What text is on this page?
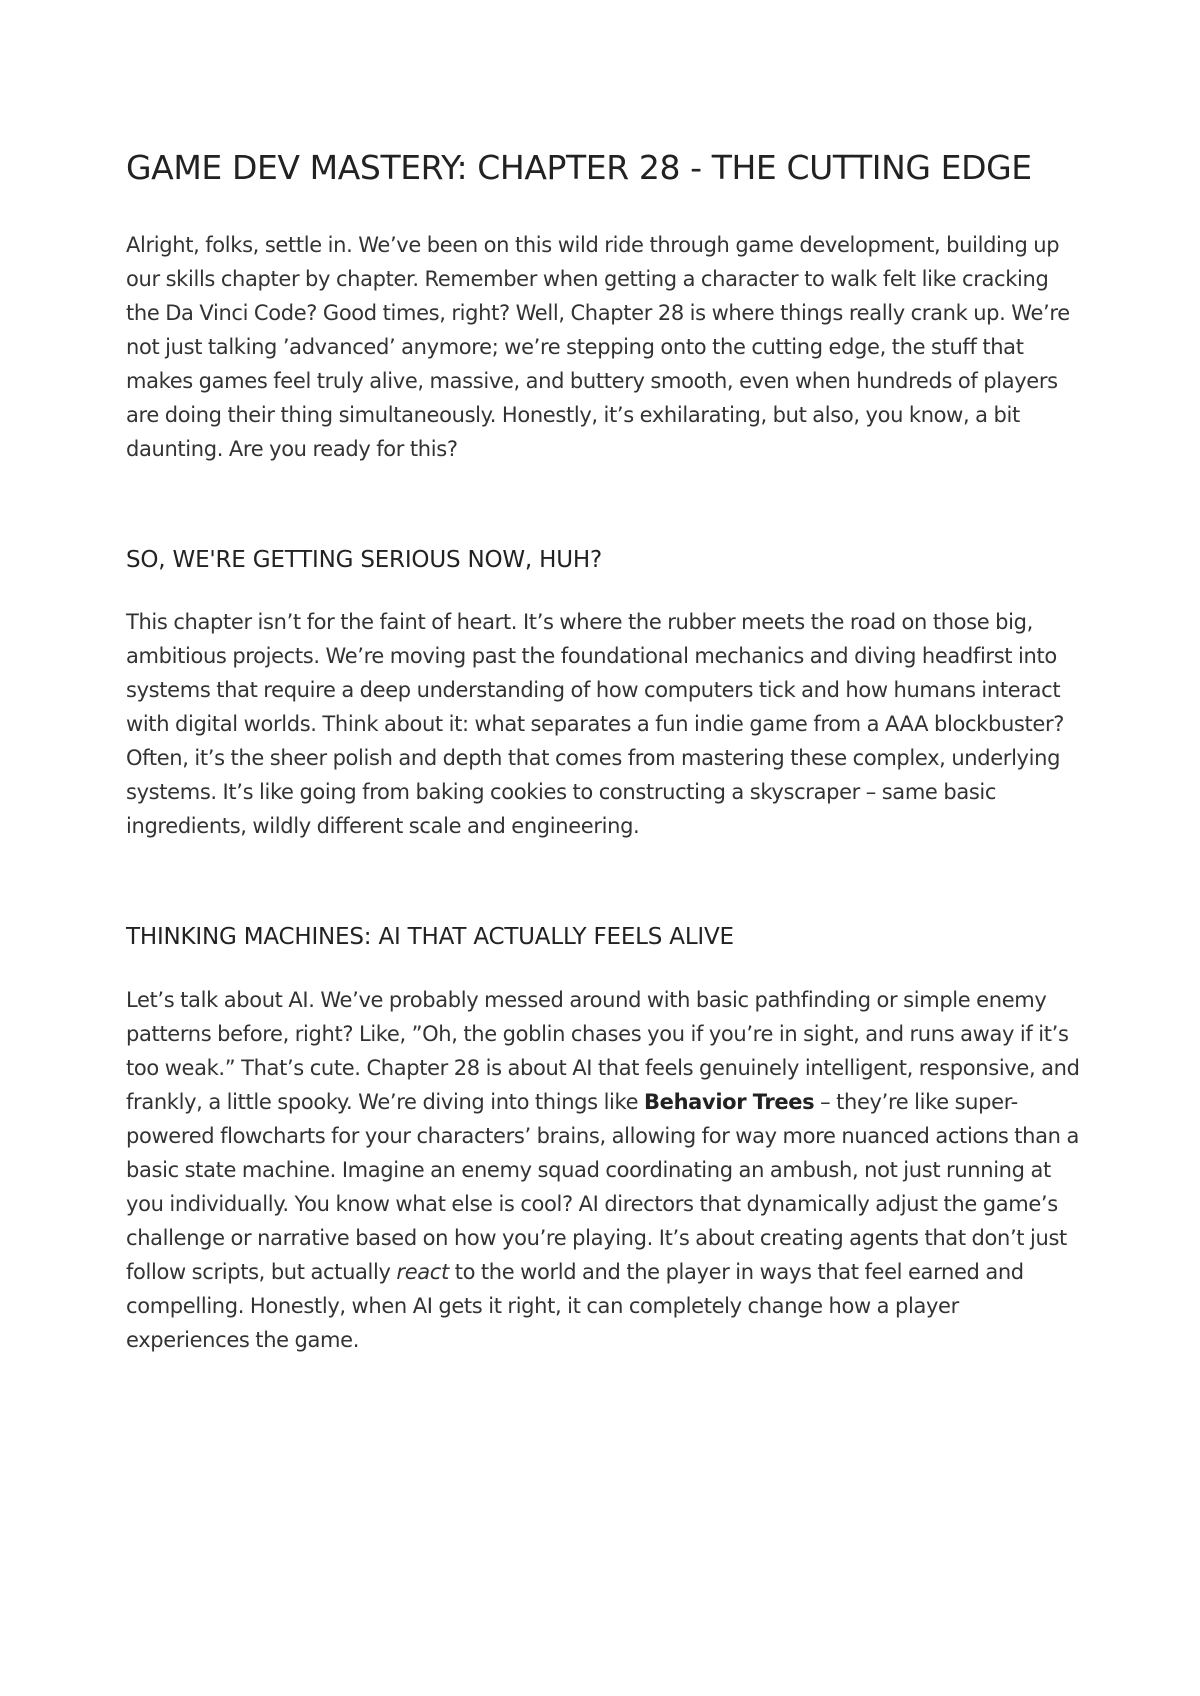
GAME DEV MASTERY: CHAPTER 28 - THE CUTTING EDGE

Alright, folks, settle in. We’ve been on this wild ride through game development, building up our skills chapter by chapter. Remember when getting a character to walk felt like cracking the Da Vinci Code? Good times, right? Well, Chapter 28 is where things really crank up. We’re not just talking ’advanced’ anymore; we’re stepping onto the cutting edge, the stuff that makes games feel truly alive, massive, and buttery smooth, even when hundreds of players are doing their thing simultaneously. Honestly, it’s exhilarating, but also, you know, a bit daunting. Are you ready for this?

SO, WE'RE GETTING SERIOUS NOW, HUH?

This chapter isn’t for the faint of heart. It’s where the rubber meets the road on those big, ambitious projects. We’re moving past the foundational mechanics and diving headfirst into systems that require a deep understanding of how computers tick and how humans interact with digital worlds. Think about it: what separates a fun indie game from a AAA blockbuster? Often, it’s the sheer polish and depth that comes from mastering these complex, underlying systems. It’s like going from baking cookies to constructing a skyscraper – same basic ingredients, wildly different scale and engineering.

THINKING MACHINES: AI THAT ACTUALLY FEELS ALIVE

Let’s talk about AI. We’ve probably messed around with basic pathfinding or simple enemy patterns before, right? Like, ”Oh, the goblin chases you if you’re in sight, and runs away if it’s too weak.” That’s cute. Chapter 28 is about AI that feels genuinely intelligent, responsive, and frankly, a little spooky. We’re diving into things like Behavior Trees – they’re like super-powered flowcharts for your characters’ brains, allowing for way more nuanced actions than a basic state machine. Imagine an enemy squad coordinating an ambush, not just running at you individually. You know what else is cool? AI directors that dynamically adjust the game’s challenge or narrative based on how you’re playing. It’s about creating agents that don’t just follow scripts, but actually react to the world and the player in ways that feel earned and compelling. Honestly, when AI gets it right, it can completely change how a player experiences the game.
